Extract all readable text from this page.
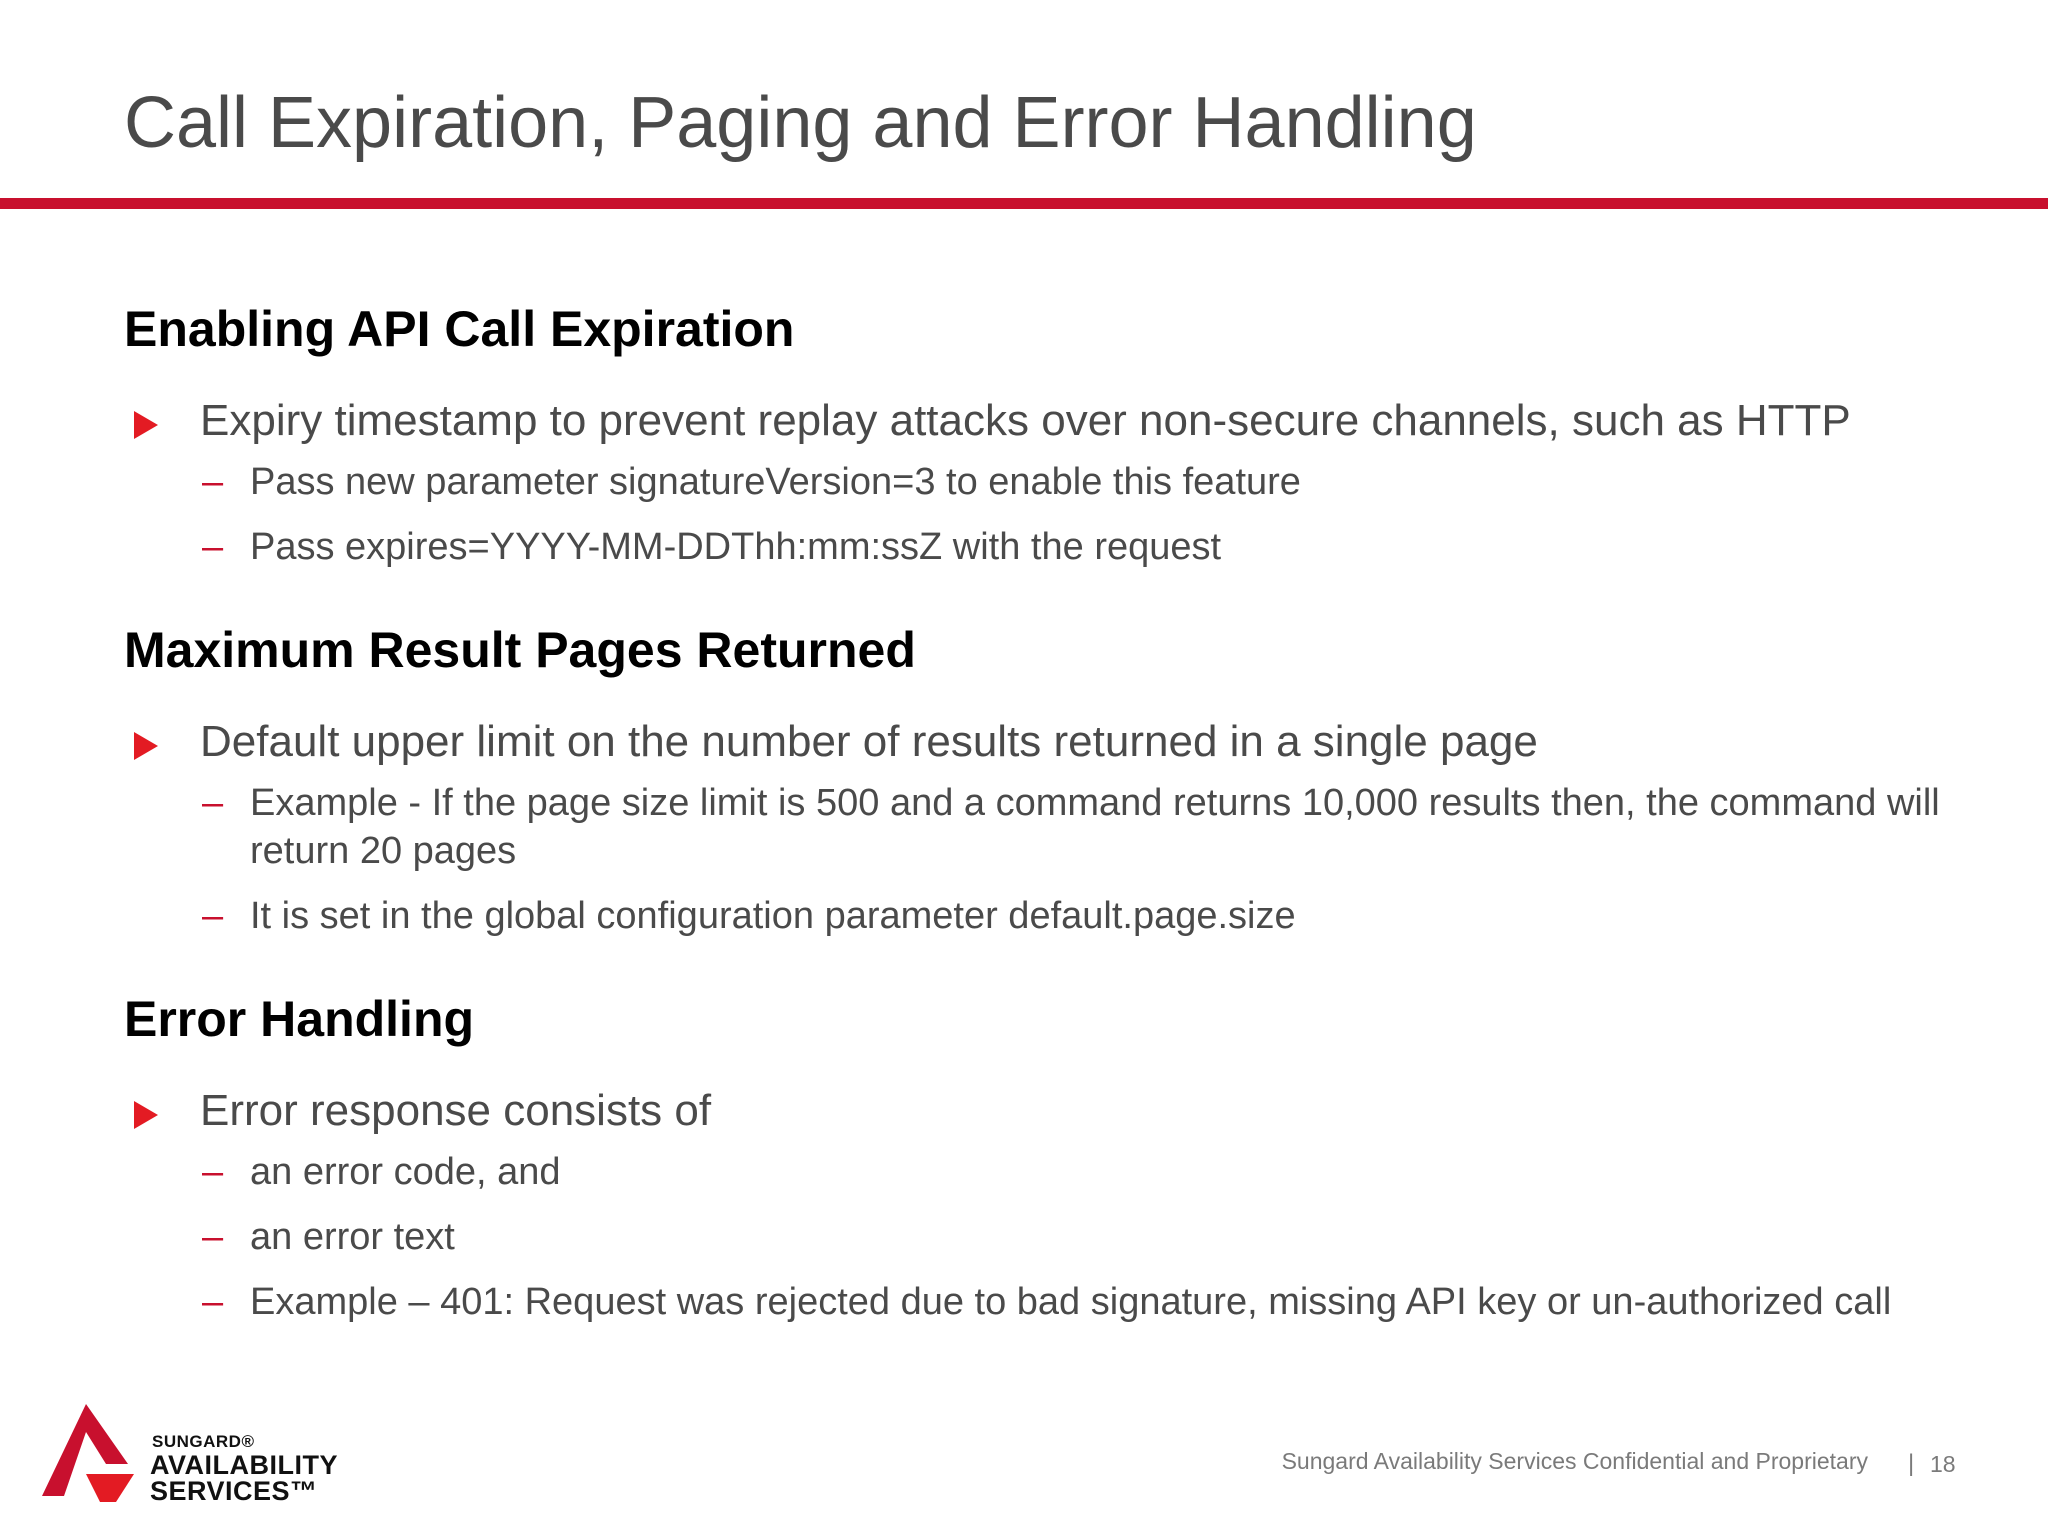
Call Expiration, Paging and Error Handling
Enabling API Call Expiration
Expiry timestamp to prevent replay attacks over non-secure channels, such as HTTP
– Pass new parameter signatureVersion=3 to enable this feature
– Pass expires=YYYY-MM-DDThh:mm:ssZ with the request
Maximum Result Pages Returned
Default upper limit on the number of results returned in a single page
– Example - If the page size limit is 500 and a command returns 10,000 results then, the command will return 20 pages
– It is set in the global configuration parameter default.page.size
Error Handling
Error response consists of
– an error code, and
– an error text
– Example – 401: Request was rejected due to bad signature, missing API key or un-authorized call
SUNGARD®
AVAILABILITY
SERVICES™
Sungard Availability Services Confidential and Proprietary | 18
